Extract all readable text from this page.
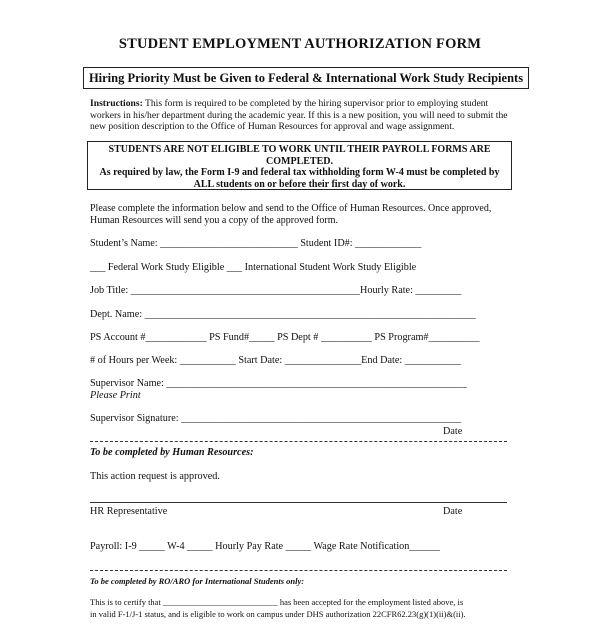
STUDENT EMPLOYMENT AUTHORIZATION FORM
Hiring Priority Must be Given to Federal & International Work Study Recipients
Instructions: This form is required to be completed by the hiring supervisor prior to employing student workers in his/her department during the academic year. If this is a new position, you will need to submit the new position description to the Office of Human Resources for approval and wage assignment.
STUDENTS ARE NOT ELIGIBLE TO WORK UNTIL THEIR PAYROLL FORMS ARE COMPLETED.
As required by law, the Form I-9 and federal tax withholding form W-4 must be completed by ALL students on or before their first day of work.
Please complete the information below and send to the Office of Human Resources. Once approved, Human Resources will send you a copy of the approved form.
Student’s Name: ___________________________ Student ID#: _____________
___ Federal Work Study Eligible ___ International Student Work Study Eligible
Job Title: _____________________________________________Hourly Rate: _________
Dept. Name: _________________________________________________________________
PS Account #____________ PS Fund#_____ PS Dept # __________ PS Program#__________
# of Hours per Week: ___________ Start Date: _______________End Date: ___________
Supervisor Name: ___________________________________________________________
Please Print
Supervisor Signature: _______________________________________________________
Date
To be completed by Human Resources:
This action request is approved.
HR Representative	Date
Payroll: I-9 _____ W-4 _____ Hourly Pay Rate _____ Wage Rate Notification______
To be completed by RO/ARO for International Students only:
This is to certify that ___________________________ has been accepted for the employment listed above, is
in valid F-1/J-1 status, and is eligible to work on campus under DHS authorization 22CFR62.23(g)(1)(ii)&(ii).
